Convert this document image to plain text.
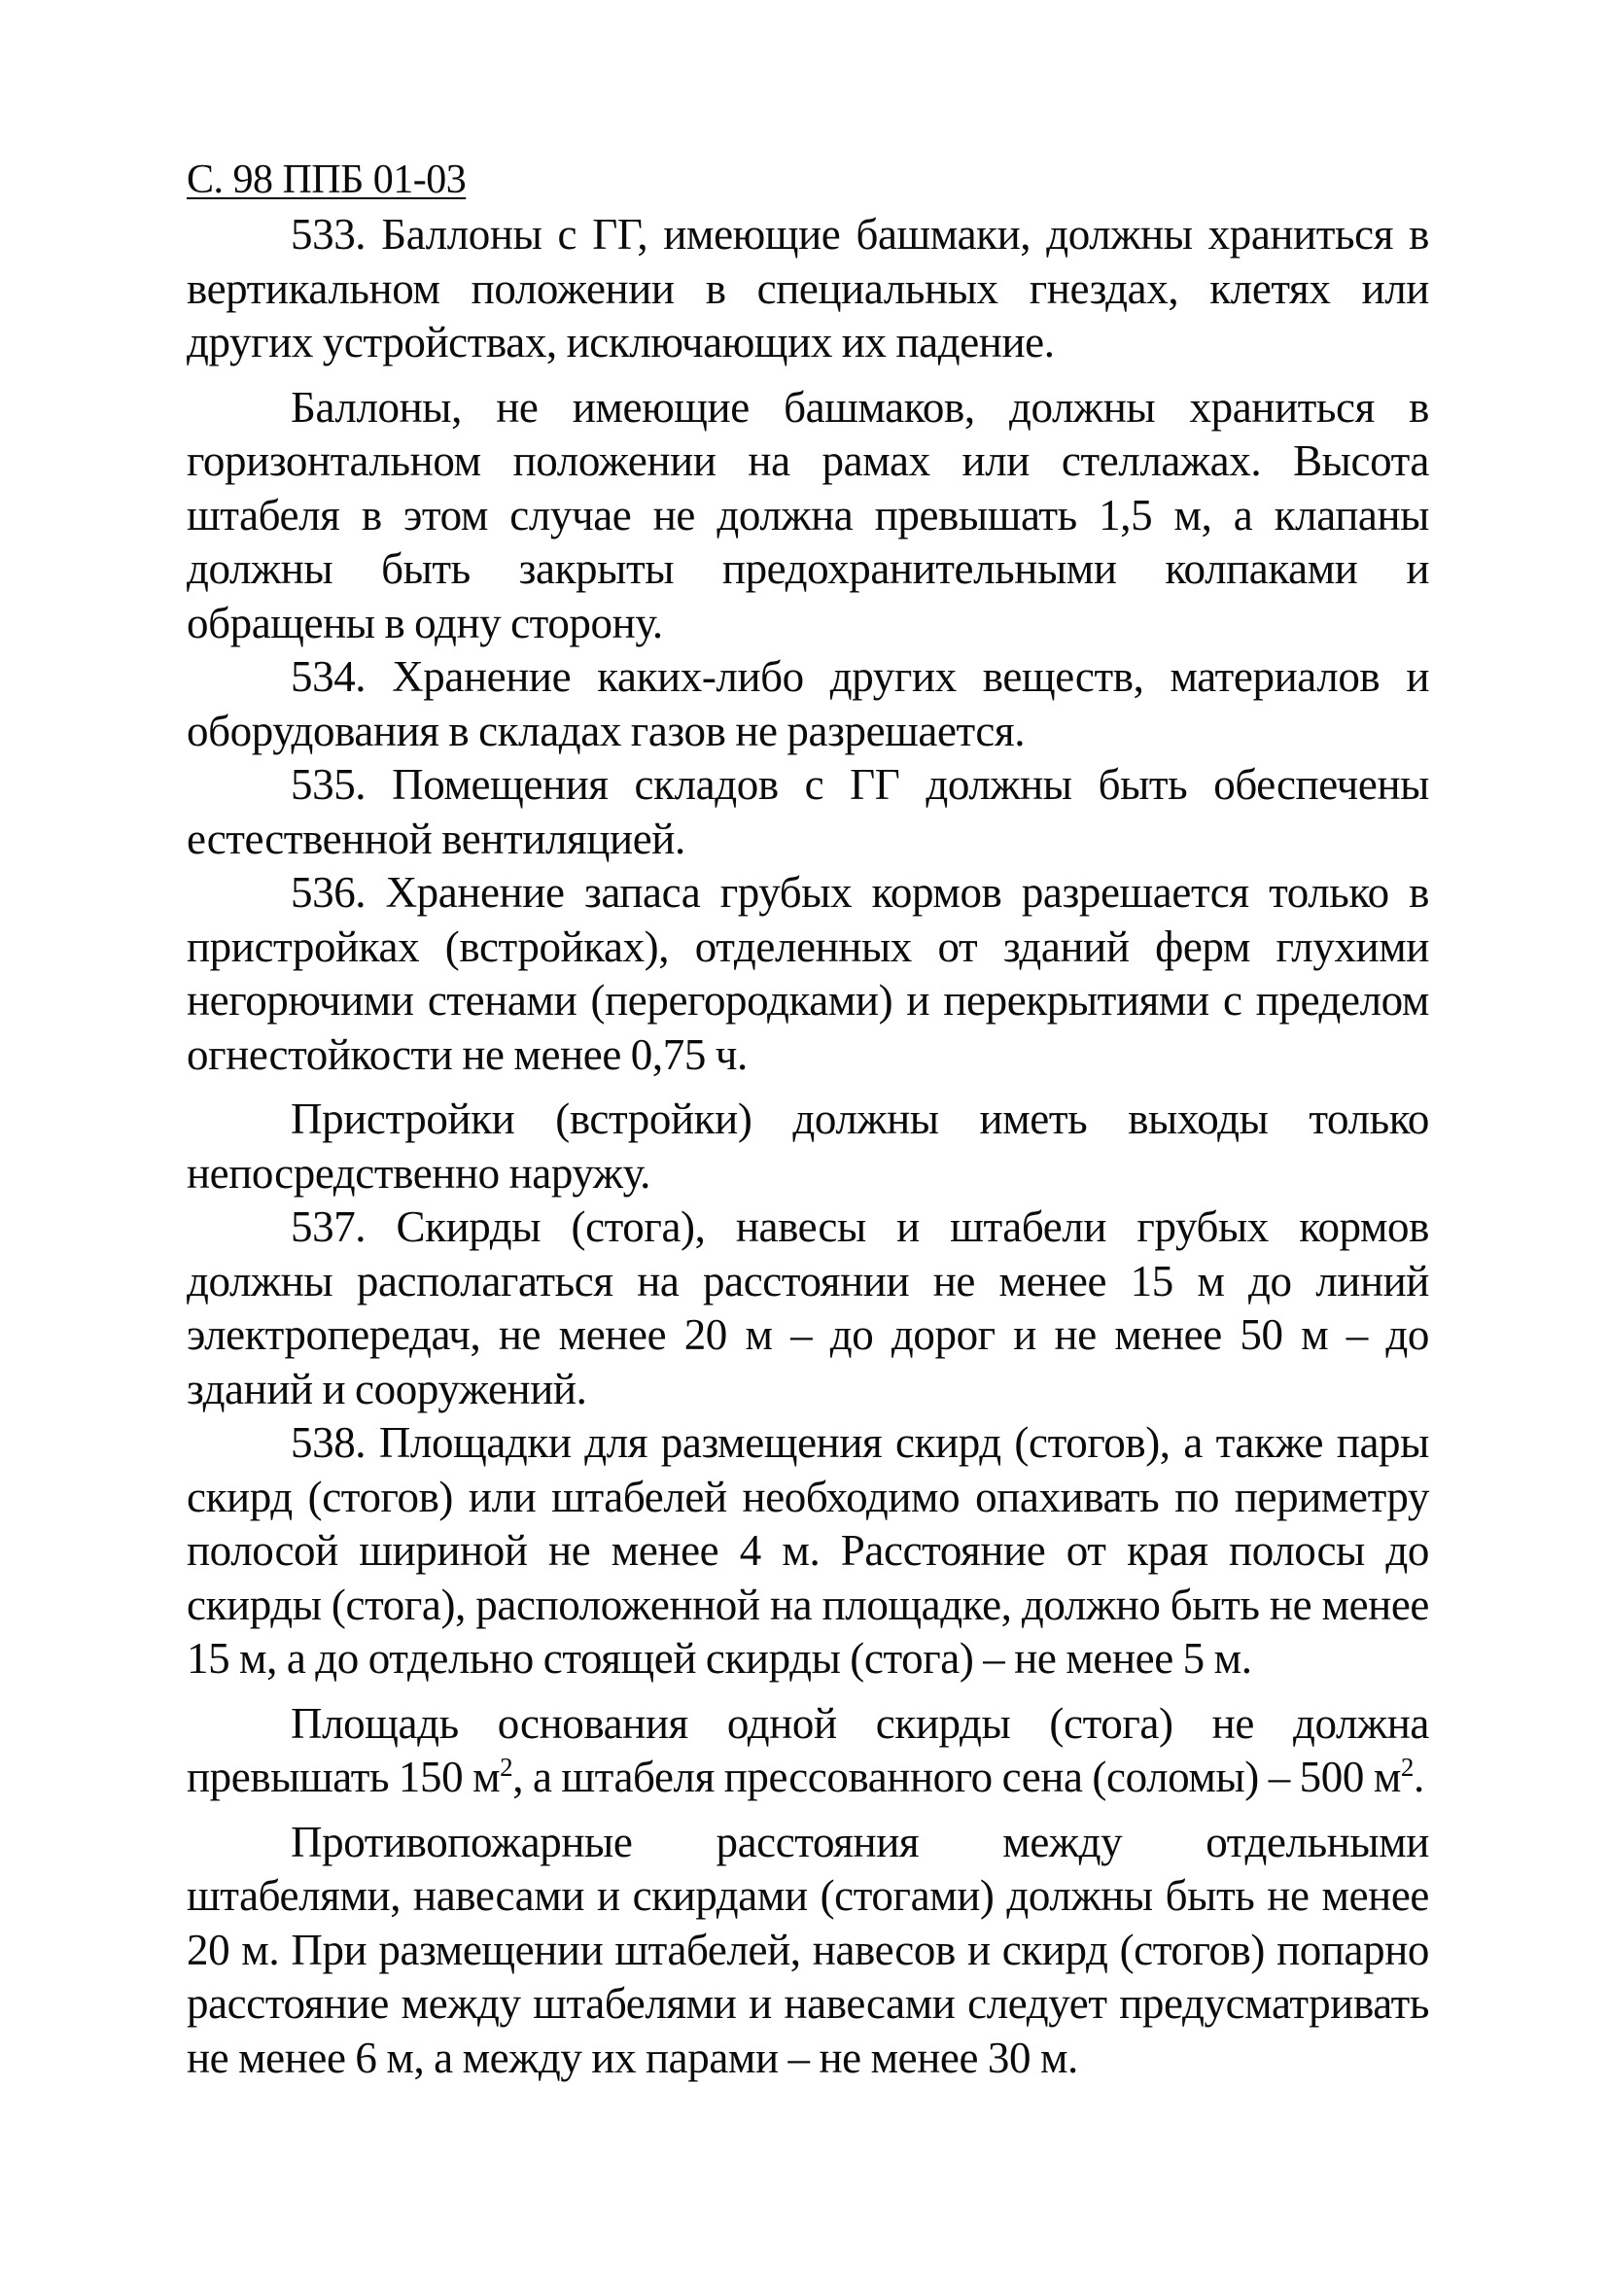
С. 98 ППБ 01-03

533. Баллоны с ГГ, имеющие башмаки, должны храниться в вертикальном положении в специальных гнездах, клетях или других устройствах, исключающих их падение.

Баллоны, не имеющие башмаков, должны храниться в горизонтальном положении на рамах или стеллажах. Высота штабеля в этом случае не должна превышать 1,5 м, а клапаны должны быть закрыты предохранительными колпаками и обращены в одну сторону.

534. Хранение каких-либо других веществ, материалов и оборудования в складах газов не разрешается.

535. Помещения складов с ГГ должны быть обеспечены естественной вентиляцией.

536. Хранение запаса грубых кормов разрешается только в пристройках (встройках), отделенных от зданий ферм глухими негорючими стенами (перегородками) и перекрытиями с пределом огнестойкости не менее 0,75 ч.

Пристройки (встройки) должны иметь выходы только непосредственно наружу.

537. Скирды (стога), навесы и штабели грубых кормов должны располагаться на расстоянии не менее 15 м до линий электропередач, не менее 20 м – до дорог и не менее 50 м – до зданий и сооружений.

538. Площадки для размещения скирд (стогов), а также пары скирд (стогов) или штабелей необходимо опахивать по периметру полосой шириной не менее 4 м. Расстояние от края полосы до скирды (стога), расположенной на площадке, должно быть не менее 15 м, а до отдельно стоящей скирды (стога) – не менее 5 м.

Площадь основания одной скирды (стога) не должна превышать 150 $м^2$, а штабеля прессованного сена (соломы) – 500 $м^2$.

Противопожарные расстояния между отдельными штабелями, навесами и скирдами (стогами) должны быть не менее 20 м. При размещении штабелей, навесов и скирд (стогов) попарно расстояние между штабелями и навесами следует предусматривать не менее 6 м, а между их парами – не менее 30 м.
